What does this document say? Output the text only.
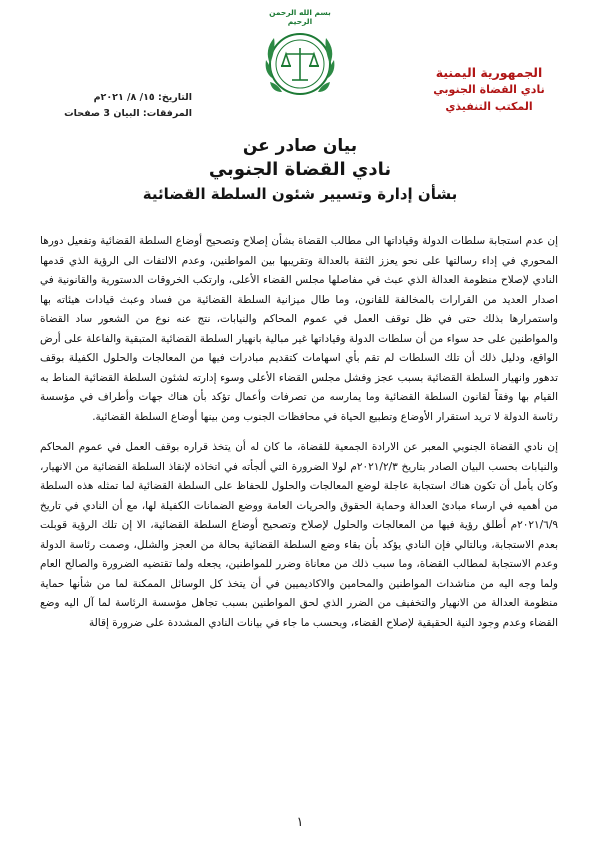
الجمهورية اليمنية
نادي القضاة الجنوبي
المكتب التنفيذي
بسم الله الرحمن الرحيم
التاريخ: ١٥/ ٨/ ٢٠٢١م
المرفقات: البيان 3 صفحات
بيان صادر عن
نادي القضاة الجنوبي
بشأن إدارة وتسيير شئون السلطة القضائية

إن عدم استجابة سلطات الدولة وقياداتها الى مطالب القضاة بشأن إصلاح وتصحيح أوضاع السلطة القضائية وتفعيل دورها المحوري في إداء رسالتها على نحو يعزز الثقة بالعدالة وتقريبها بين المواطنين، وعدم الالتفات الى الرؤية الذي قدمها النادي لإصلاح منظومة العدالة الذي عبث في مفاصلها مجلس القضاء الأعلى، وارتكب الخروقات الدستورية والقانونية في اصدار العديد من القرارات بالمخالفة للقانون، وما طال ميزانية السلطة القضائية من فساد وعبث قيادات هيئاته بها واستمرارها بذلك حتى في ظل توقف العمل في عموم المحاكم والنيابات، نتج عنه نوع من الشعور ساد القضاة والمواطنين على حد سواء من أن سلطات الدولة وقياداتها غير مبالية بانهيار السلطة القضائية المتبقية والفاعلة على أرض الواقع، ودليل ذلك أن تلك السلطات لم تقم بأي اسهامات كتقديم مبادرات فيها من المعالجات والحلول الكفيلة بوقف تدهور وانهيار السلطة القضائية بسبب عجز وفشل مجلس القضاء الأعلى وسوء إدارته لشئون السلطة القضائية المناط به القيام بها وفقاً لقانون السلطة القضائية وما يمارسه من تصرفات وأعمال تؤكد بأن هناك جهات وأطراف في مؤسسة رئاسة الدولة لا تريد استقرار الأوضاع وتطبيع الحياة في محافظات الجنوب ومن بينها أوضاع السلطة القضائية.

إن نادي القضاة الجنوبي المعبر عن الارادة الجمعية للقضاة، ما كان له أن يتخذ قراره بوقف العمل في عموم المحاكم والنيابات بحسب البيان الصادر بتاريخ ٢٠٢١/٢/٣م لولا الضرورة التي ألجأته في اتخاذه لإنقاذ السلطة القضائية من الانهيار، وكان يأمل أن تكون هناك استجابة عاجلة لوضع المعالجات والحلول للحفاظ على السلطة القضائية لما تمثله هذه السلطة من أهميه في ارساء مبادئ العدالة وحماية الحقوق والحريات العامة ووضع الضمانات الكفيلة لها، مع أن النادي في تاريخ ٢٠٢١/٦/٩م أطلق رؤية فيها من المعالجات والحلول لإصلاح وتصحيح أوضاع السلطة القضائية، الا إن تلك الرؤية قوبلت بعدم الاستجابة، وبالتالي فإن النادي يؤكد بأن بقاء وضع السلطة القضائية بحالة من العجز والشلل، وصمت رئاسة الدولة وعدم الاستجابة لمطالب القضاة، وما سبب ذلك من معاناة وضرر للمواطنين، يجعله ولما تقتضيه الضرورة والصالح العام ولما وجه اليه من مناشدات المواطنين والمحامين والاكاديميين في أن يتخذ كل الوسائل الممكنة لما من شأنها حماية منظومة العدالة من الانهيار والتخفيف من الضرر الذي لحق المواطنين بسبب تجاهل مؤسسة الرئاسة لما آل اليه وضع القضاء وعدم وجود النية الحقيقية لإصلاح القضاء، وبحسب ما جاء في بيانات النادي المشددة على ضرورة إقالة

١
